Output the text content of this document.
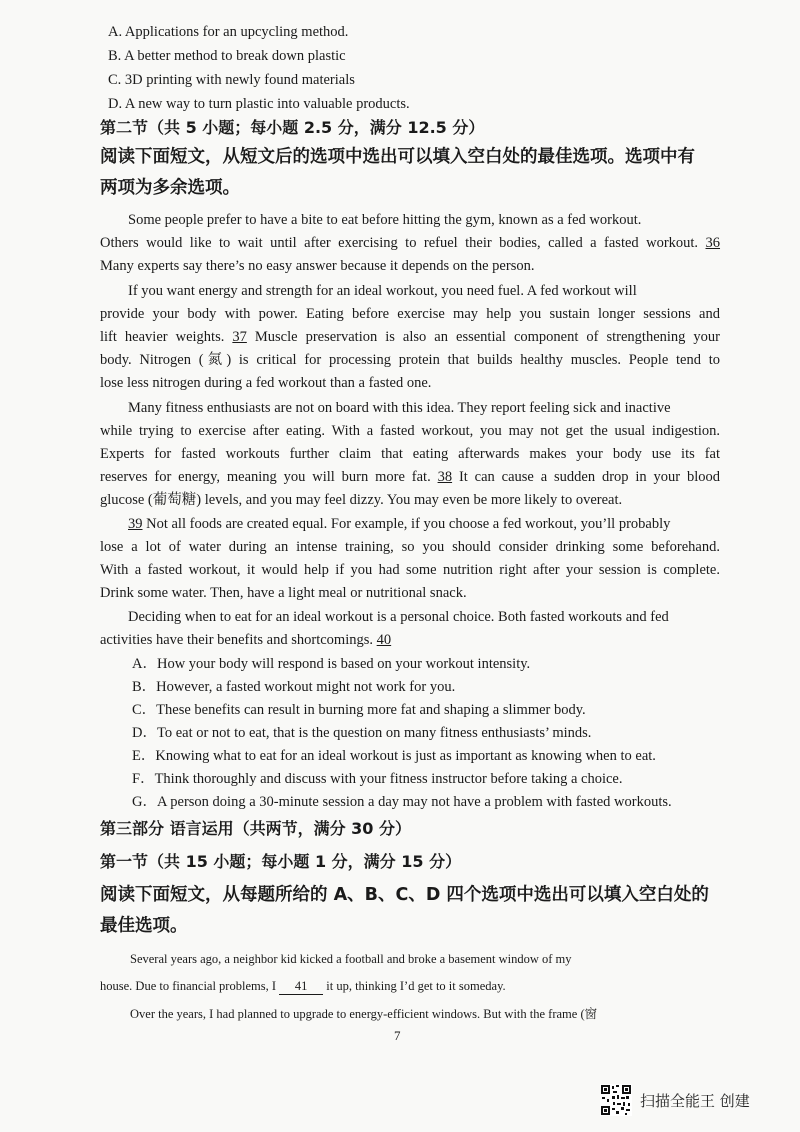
A. Applications for an upcycling method.
B. A better method to break down plastic
C. 3D printing with newly found materials
D. A new way to turn plastic into valuable products.
第二节（共 5 小题；每小题 2.5 分，满分 12.5 分）
阅读下面短文，从短文后的选项中选出可以填入空白处的最佳选项。选项中有
两项为多余选项。
Some people prefer to have a bite to eat before hitting the gym, known as a fed workout.
Others would like to wait until after exercising to refuel their bodies, called a fasted workout. 36
Many experts say there’s no easy answer because it depends on the person.
If you want energy and strength for an ideal workout, you need fuel. A fed workout will
provide your body with power. Eating before exercise may help you sustain longer sessions and
lift heavier weights. 37 Muscle preservation is also an essential component of strengthening your
body. Nitrogen (氮) is critical for processing protein that builds healthy muscles. People tend to
lose less nitrogen during a fed workout than a fasted one.
Many fitness enthusiasts are not on board with this idea. They report feeling sick and inactive
while trying to exercise after eating. With a fasted workout, you may not get the usual indigestion.
Experts for fasted workouts further claim that eating afterwards makes your body use its fat
reserves for energy, meaning you will burn more fat. 38 It can cause a sudden drop in your blood
glucose (葡萄糖) levels, and you may feel dizzy. You may even be more likely to overeat.
39 Not all foods are created equal. For example, if you choose a fed workout, you’ll probably
lose a lot of water during an intense training, so you should consider drinking some beforehand.
With a fasted workout, it would help if you had some nutrition right after your session is complete.
Drink some water. Then, have a light meal or nutritional snack.
Deciding when to eat for an ideal workout is a personal choice. Both fasted workouts and fed
activities have their benefits and shortcomings. 40
A．How your body will respond is based on your workout intensity.
B．However, a fasted workout might not work for you.
C．These benefits can result in burning more fat and shaping a slimmer body.
D．To eat or not to eat, that is the question on many fitness enthusiasts’ minds.
E．Knowing what to eat for an ideal workout is just as important as knowing when to eat.
F．Think thoroughly and discuss with your fitness instructor before taking a choice.
G．A person doing a 30-minute session a day may not have a problem with fasted workouts.
第三部分 语言运用（共两节，满分 30 分）
第一节（共 15 小题；每小题 1 分，满分 15 分）
阅读下面短文，从每题所给的 A、B、C、D 四个选项中选出可以填入空白处的
最佳选项。
Several years ago, a neighbor kid kicked a football and broke a basement window of my
house. Due to financial problems, I 41 it up, thinking I’d get to it someday.
Over the years, I had planned to upgrade to energy-efficient windows. But with the frame (窗
7
扫描全能王 创建
